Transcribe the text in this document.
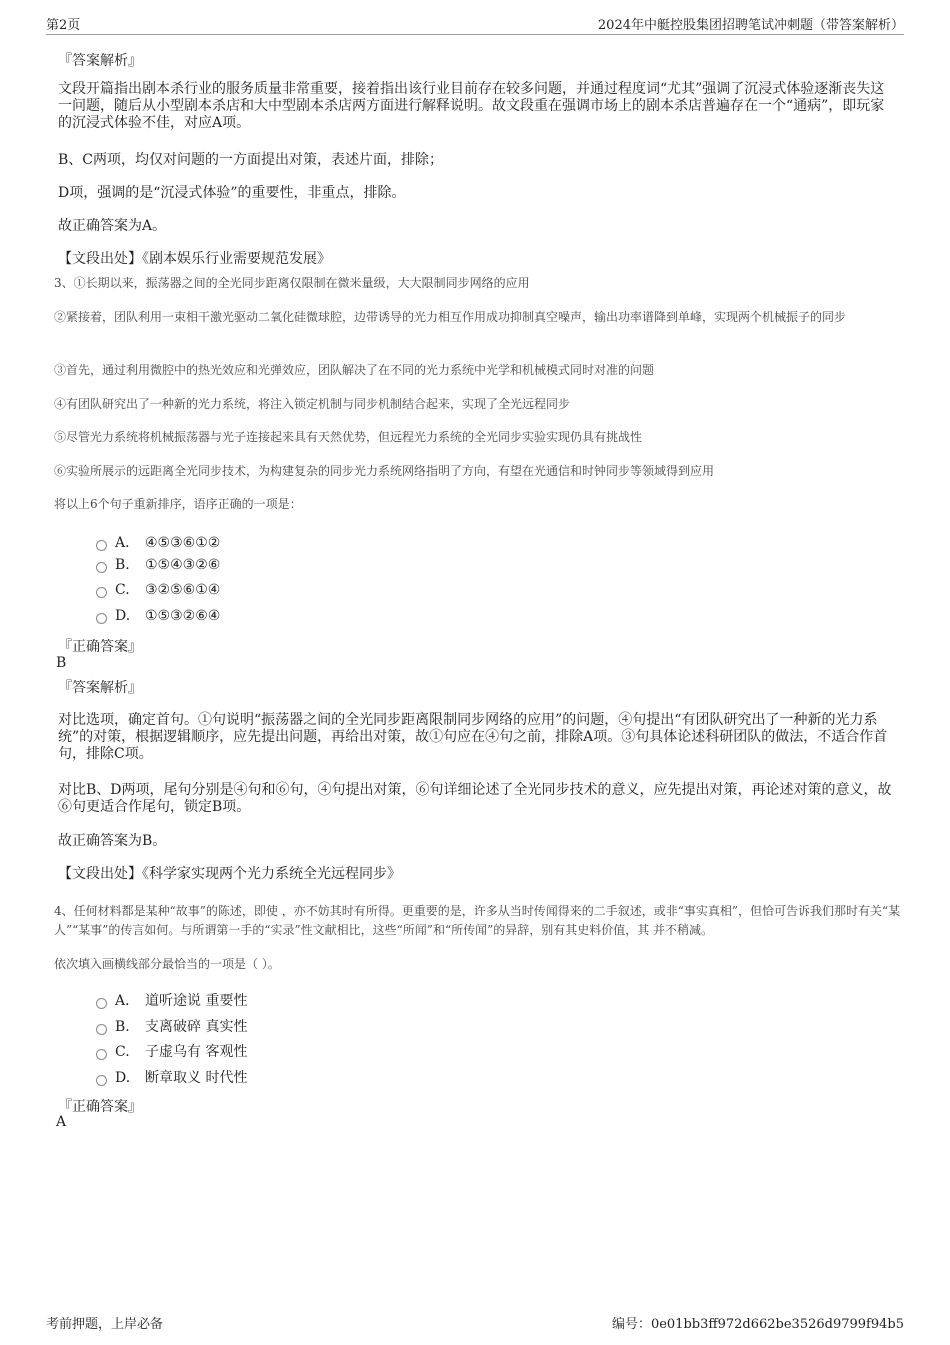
第2页	2024年中艇控股集团招聘笔试冲刺题（带答案解析）
『答案解析』
文段开篇指出剧本杀行业的服务质量非常重要，接着指出该行业目前存在较多问题，并通过程度词“尤其”强调了沉浸式体验逐渐丧失这一问题，随后从小型剧本杀店和大中型剧本杀店两方面进行解释说明。故文段重在强调市场上的剧本杀店普遍存在一个“通病”，即玩家的沉浸式体验不佳，对应A项。
B、C两项，均仅对问题的一方面提出对策，表述片面，排除；
D项，强调的是“沉浸式体验”的重要性，非重点，排除。
故正确答案为A。
【文段出处】《剧本娱乐行业需要规范发展》
3、①长期以来，振荡器之间的全光同步距离仅限制在微米量级，大大限制同步网络的应用
②紧接着，团队利用一束相干激光驱动二氧化硅微球腔，边带诱导的光力相互作用成功抑制真空噪声，输出功率谱降到单峰，实现两个机械振子的同步
③首先，通过利用微腔中的热光效应和光弹效应，团队解决了在不同的光力系统中光学和机械模式同时对准的问题
④有团队研究出了一种新的光力系统，将注入锁定机制与同步机制结合起来，实现了全光远程同步
⑤尽管光力系统将机械振荡器与光子连接起来具有天然优势，但远程光力系统的全光同步实验实现仍具有挑战性
⑥实验所展示的远距离全光同步技术，为构建复杂的同步光力系统网络指明了方向，有望在光通信和时钟同步等领域得到应用
将以上6个句子重新排序，语序正确的一项是：
A． ④⑤③⑥①②
B. ①⑤④③②⑥
C. ③②⑤⑥①④
D. ①⑤③②⑥④
『正确答案』
B
『答案解析』
对比选项，确定首句。①句说明“振荡器之间的全光同步距离限制同步网络的应用”的问题，④句提出“有团队研究出了一种新的光力系统”的对策，根据逻辑顺序，应先提出问题，再给出对策，故①句应在④句之前，排除A项。③句具体论述科研团队的做法，不适合作首句，排除C项。
对比B、D两项，尾句分别是④句和⑥句，④句提出对策，⑥句详细论述了全光同步技术的意义，应先提出对策，再论述对策的意义，故⑥句更适合作尾句，锁定B项。
故正确答案为B。
【文段出处】《科学家实现两个光力系统全光远程同步》
4、任何材料都是某种“故事”的陈述，即使 ，亦不妨其时有所得。更重要的是，许多从当时传闻得来的二手叙述，或非“事实真相”，但恰可告诉我们那时有关“某人”“某事”的传言如何。与所谓第一手的“实录”性文献相比，这些“所闻”和“所传闻”的异辞，别有其史料价值，其 并不稍减。
依次填入画横线部分最恰当的一项是（ ）。
A． 道听途说 重要性
B. 支离破碎 真实性
C. 子虚乌有 客观性
D. 断章取义 时代性
『正确答案』
A
考前押题，上岸必备	编号：0e01bb3ff972d662be3526d9799f94b5
